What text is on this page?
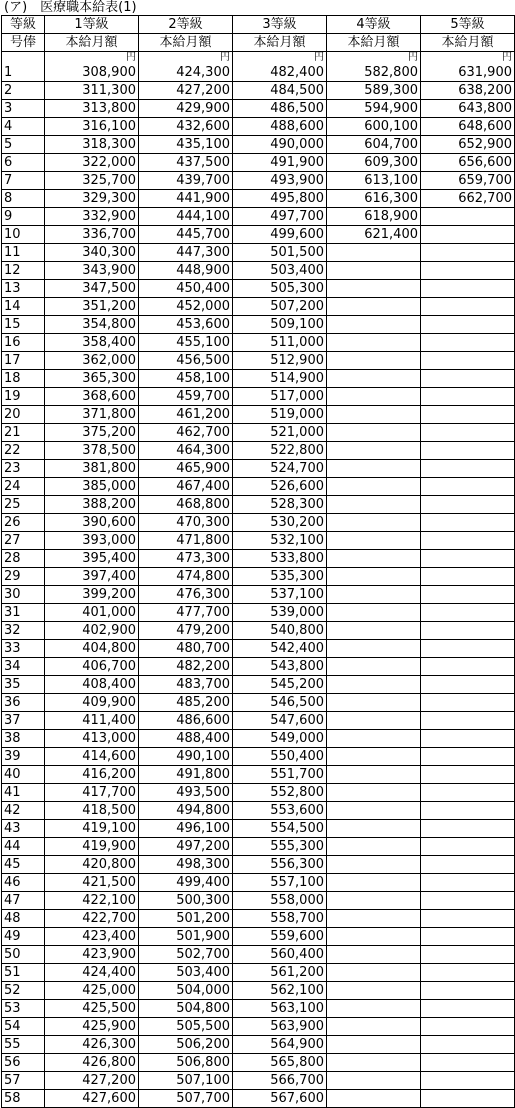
(ア)　医療職本給表(1)
等級	1等級	2等級	3等級	4等級	5等級
号俸	本給月額	本給月額	本給月額	本給月額	本給月額
	円	円	円	円	円
1	308,900	424,300	482,400	582,800	631,900
2	311,300	427,200	484,500	589,300	638,200
3	313,800	429,900	486,500	594,900	643,800
4	316,100	432,600	488,600	600,100	648,600
5	318,300	435,100	490,000	604,700	652,900
6	322,000	437,500	491,900	609,300	656,600
7	325,700	439,700	493,900	613,100	659,700
8	329,300	441,900	495,800	616,300	662,700
9	332,900	444,100	497,700	618,900	
10	336,700	445,700	499,600	621,400	
11	340,300	447,300	501,500		
12	343,900	448,900	503,400		
13	347,500	450,400	505,300		
14	351,200	452,000	507,200		
15	354,800	453,600	509,100		
16	358,400	455,100	511,000		
17	362,000	456,500	512,900		
18	365,300	458,100	514,900		
19	368,600	459,700	517,000		
20	371,800	461,200	519,000		
21	375,200	462,700	521,000		
22	378,500	464,300	522,800		
23	381,800	465,900	524,700		
24	385,000	467,400	526,600		
25	388,200	468,800	528,300		
26	390,600	470,300	530,200		
27	393,000	471,800	532,100		
28	395,400	473,300	533,800		
29	397,400	474,800	535,300		
30	399,200	476,300	537,100		
31	401,000	477,700	539,000		
32	402,900	479,200	540,800		
33	404,800	480,700	542,400		
34	406,700	482,200	543,800		
35	408,400	483,700	545,200		
36	409,900	485,200	546,500		
37	411,400	486,600	547,600		
38	413,000	488,400	549,000		
39	414,600	490,100	550,400		
40	416,200	491,800	551,700		
41	417,700	493,500	552,800		
42	418,500	494,800	553,600		
43	419,100	496,100	554,500		
44	419,900	497,200	555,300		
45	420,800	498,300	556,300		
46	421,500	499,400	557,100		
47	422,100	500,300	558,000		
48	422,700	501,200	558,700		
49	423,400	501,900	559,600		
50	423,900	502,700	560,400		
51	424,400	503,400	561,200		
52	425,000	504,000	562,100		
53	425,500	504,800	563,100		
54	425,900	505,500	563,900		
55	426,300	506,200	564,900		
56	426,800	506,800	565,800		
57	427,200	507,100	566,700		
58	427,600	507,700	567,600		
